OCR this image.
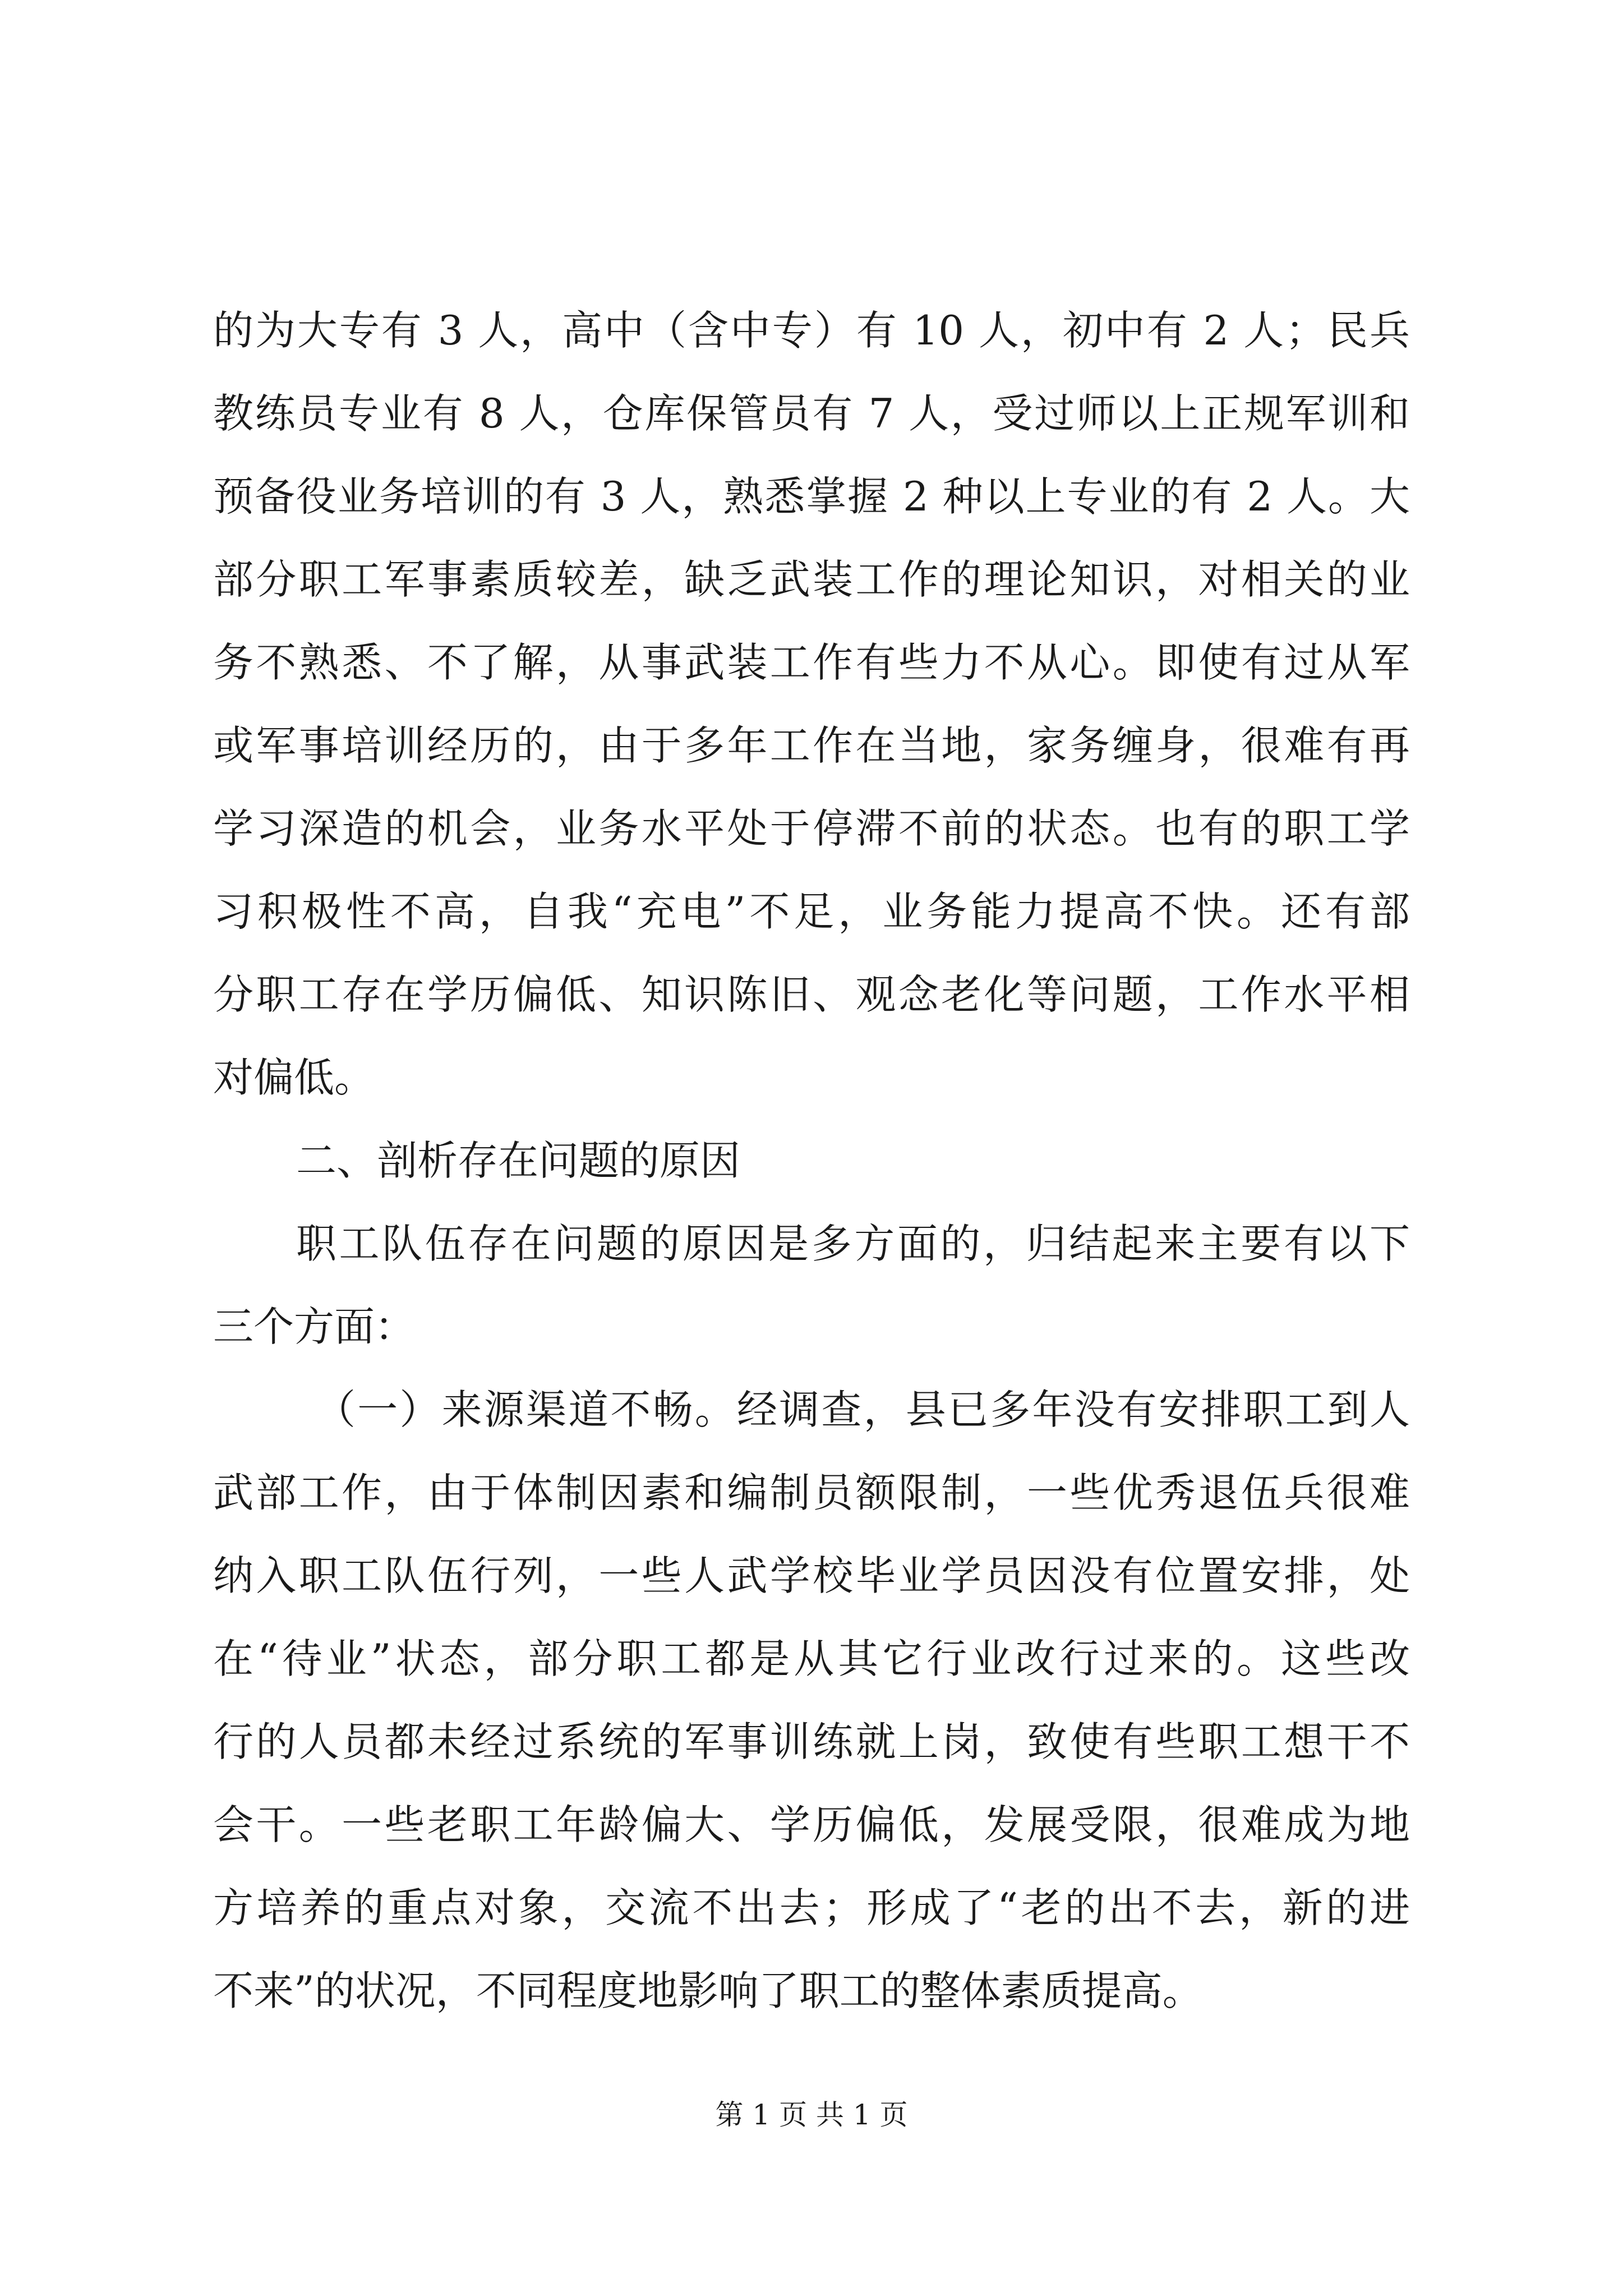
的为大专有 3 人，高中（含中专）有 10 人，初中有 2 人；民兵
教练员专业有 8 人，仓库保管员有 7 人，受过师以上正规军训和
预备役业务培训的有 3 人，熟悉掌握 2 种以上专业的有 2 人。大
部分职工军事素质较差，缺乏武装工作的理论知识，对相关的业
务不熟悉、不了解，从事武装工作有些力不从心。即使有过从军
或军事培训经历的，由于多年工作在当地，家务缠身，很难有再
学习深造的机会，业务水平处于停滞不前的状态。也有的职工学
习积极性不高，自我“充电”不足，业务能力提高不快。还有部
分职工存在学历偏低、知识陈旧、观念老化等问题，工作水平相
对偏低。
二、剖析存在问题的原因
职工队伍存在问题的原因是多方面的，归结起来主要有以下
三个方面：
（一）来源渠道不畅。经调查，县已多年没有安排职工到人
武部工作，由于体制因素和编制员额限制，一些优秀退伍兵很难
纳入职工队伍行列，一些人武学校毕业学员因没有位置安排，处
在“待业”状态，部分职工都是从其它行业改行过来的。这些改
行的人员都未经过系统的军事训练就上岗，致使有些职工想干不
会干。一些老职工年龄偏大、学历偏低，发展受限，很难成为地
方培养的重点对象，交流不出去；形成了“老的出不去，新的进
不来”的状况，不同程度地影响了职工的整体素质提高。
第 1 页 共 1 页
